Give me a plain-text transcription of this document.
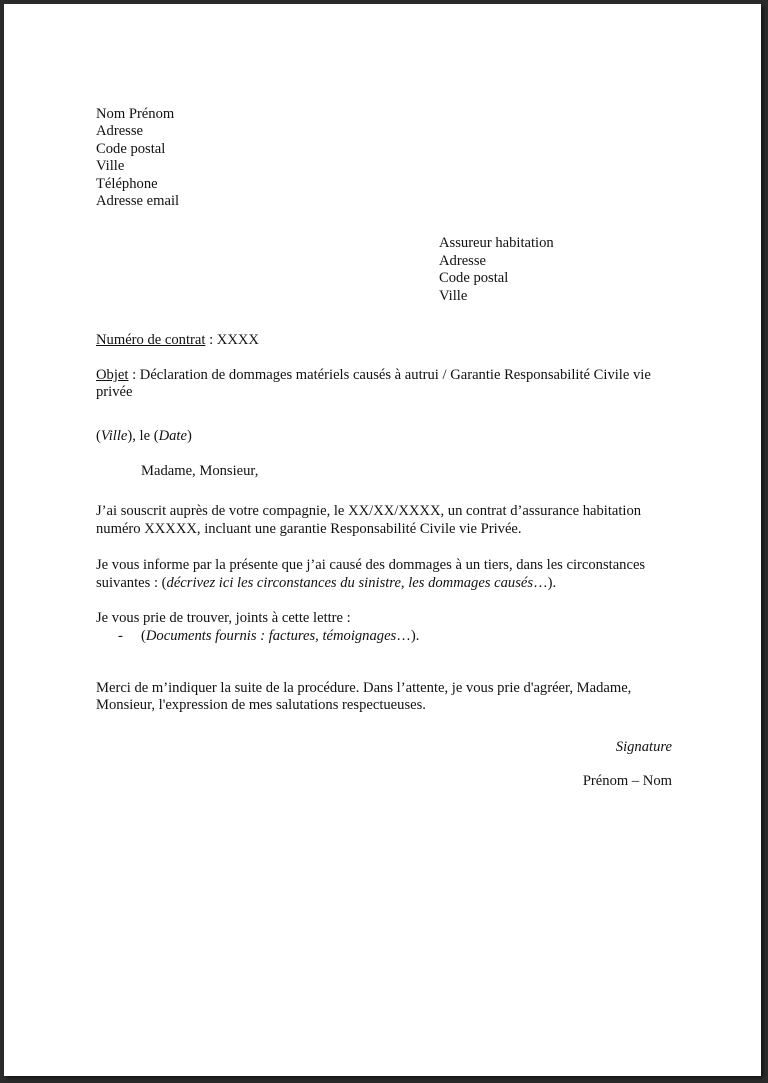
Nom Prénom
Adresse
Code postal
Ville
Téléphone
Adresse email
Assureur habitation
Adresse
Code postal
Ville
Numéro de contrat : XXXX
Objet : Déclaration de dommages matériels causés à autrui / Garantie Responsabilité Civile vie
privée
(Ville), le (Date)
Madame, Monsieur,
J’ai souscrit auprès de votre compagnie, le XX/XX/XXXX, un contrat d’assurance habitation
numéro XXXXX, incluant une garantie Responsabilité Civile vie Privée.
Je vous informe par la présente que j’ai causé des dommages à un tiers, dans les circonstances
suivantes : (décrivez ici les circonstances du sinistre, les dommages causés…).
Je vous prie de trouver, joints à cette lettre :
- (Documents fournis : factures, témoignages…).
Merci de m’indiquer la suite de la procédure. Dans l’attente, je vous prie d'agréer, Madame,
Monsieur, l'expression de mes salutations respectueuses.
Signature
Prénom – Nom
